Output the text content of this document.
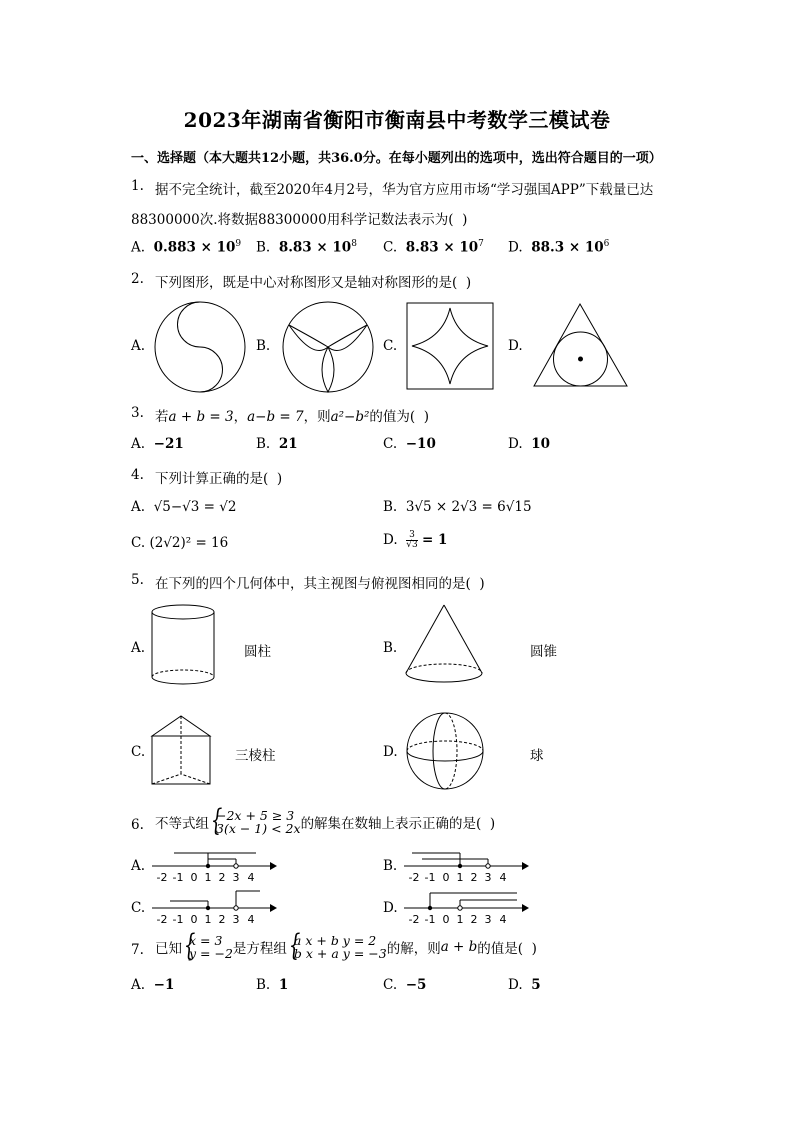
2023年湖南省衡阳市衡南县中考数学三模试卷
一、选择题（本大题共12小题，共36.0分。在每小题列出的选项中，选出符合题目的一项）
1. 据不完全统计，截至2020年4月2号，华为官方应用市场“学习强国APP”下载量已达
88300000次.将数据88300000用科学记数法表示为(  )
A. $0.883 \times 10^9$ B. $8.83 \times 10^8$ C. $8.83 \times 10^7$ D. $88.3 \times 10^6$
2. 下列图形，既是中心对称图形又是轴对称图形的是(  )
A.	B.	C.	D.
3. 若a + b = 3，a−b = 7，则a²−b²的值为(  )
A. −21	B. 21	C. −10	D. 10
4. 下列计算正确的是(  )
A. √5−√3 = √2	B. 3√5 × 2√3 = 6√15
C. (2√2)² = 16	D. $\frac{3}{√3} = 1$
5. 在下列的四个几何体中，其主视图与俯视图相同的是(  )
A.	圆柱	B.	圆锥
C.	三棱柱	D.	球
6. 不等式组
{ −2x + 5 ≥ 3
3(x − 1) < 2x 的解集在数轴上表示正确的是(  )
A.
-2 -1 0 1 2 3 4
B.
-2 -1 0 1 2 3 4
C.
-2 -1 0 1 2 3 4
D.
-2 -1 0 1 2 3 4
7. 已知
{ x = 3
y = −2 是方程组
{ a x + b y = 2
b x + a y = −3 的解，则a + b的值是(  )
A. −1	B. 1	C. −5	D. 5
